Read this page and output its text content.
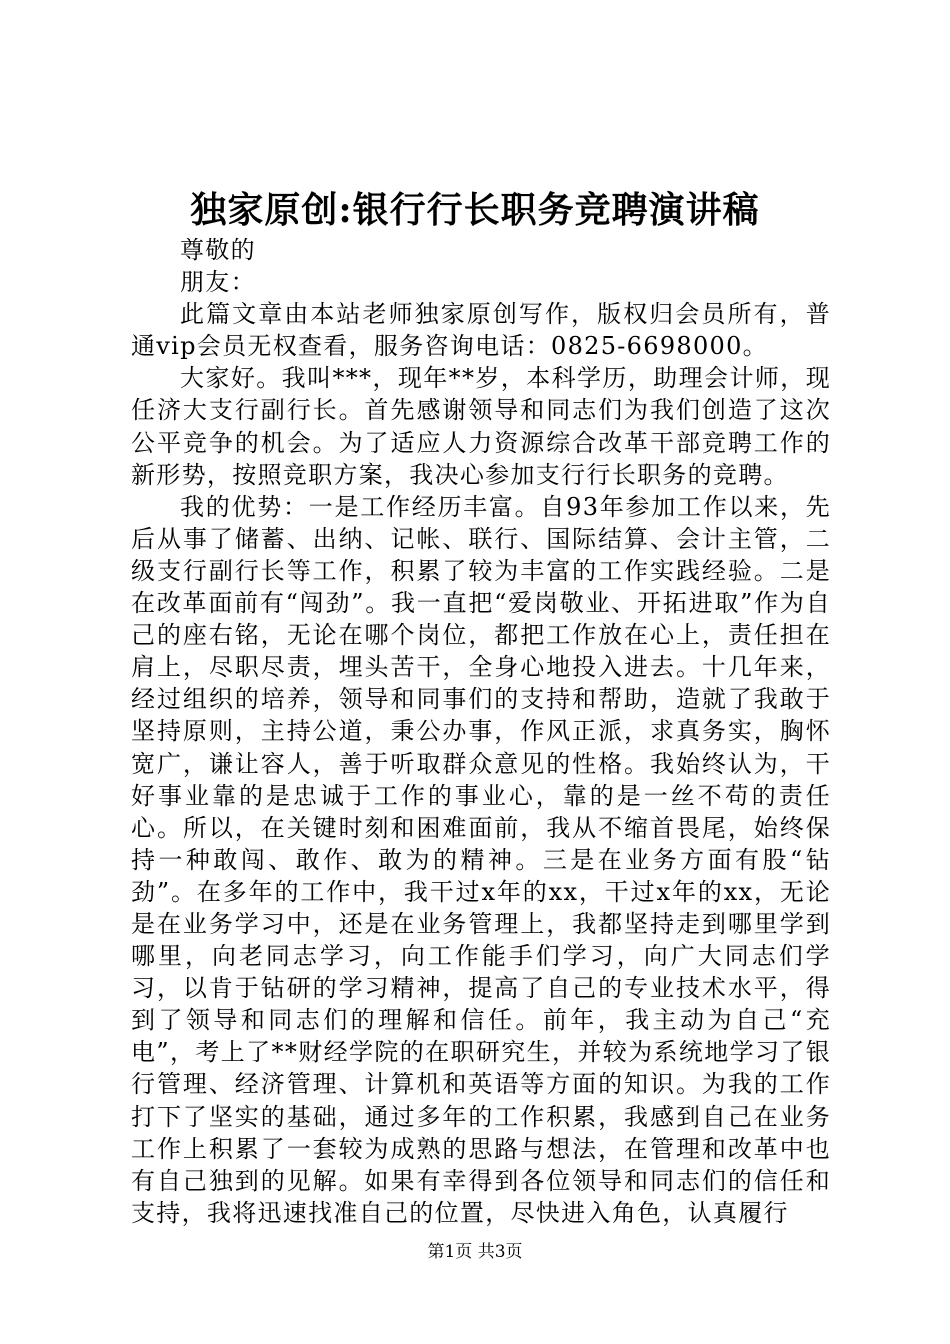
独家原创:银行行长职务竞聘演讲稿

尊敬的

朋友：

此篇文章由本站老师独家原创写作，版权归会员所有，普通vip会员无权查看，服务咨询电话：0825-6698000。

大家好。我叫***，现年**岁，本科学历，助理会计师，现任济大支行副行长。首先感谢领导和同志们为我们创造了这次公平竞争的机会。为了适应人力资源综合改革干部竞聘工作的新形势，按照竞职方案，我决心参加支行行长职务的竞聘。

我的优势：一是工作经历丰富。自93年参加工作以来，先后从事了储蓄、出纳、记帐、联行、国际结算、会计主管，二级支行副行长等工作，积累了较为丰富的工作实践经验。二是在改革面前有“闯劲”。我一直把“爱岗敬业、开拓进取”作为自己的座右铭，无论在哪个岗位，都把工作放在心上，责任担在肩上，尽职尽责，埋头苦干，全身心地投入进去。十几年来，经过组织的培养，领导和同事们的支持和帮助，造就了我敢于坚持原则，主持公道，秉公办事，作风正派，求真务实，胸怀宽广，谦让容人，善于听取群众意见的性格。我始终认为，干好事业靠的是忠诚于工作的事业心，靠的是一丝不苟的责任心。所以，在关键时刻和困难面前，我从不缩首畏尾，始终保持一种敢闯、敢作、敢为的精神。三是在业务方面有股“钻劲”。在多年的工作中，我干过x年的xx，干过x年的xx，无论是在业务学习中，还是在业务管理上，我都坚持走到哪里学到哪里，向老同志学习，向工作能手们学习，向广大同志们学习，以肯于钻研的学习精神，提高了自己的专业技术水平，得到了领导和同志们的理解和信任。前年，我主动为自己“充电”，考上了**财经学院的在职研究生，并较为系统地学习了银行管理、经济管理、计算机和英语等方面的知识。为我的工作打下了坚实的基础，通过多年的工作积累，我感到自己在业务工作上积累了一套较为成熟的思路与想法，在管理和改革中也有自己独到的见解。如果有幸得到各位领导和同志们的信任和支持，我将迅速找准自己的位置，尽快进入角色，认真履行

第1页 共3页
